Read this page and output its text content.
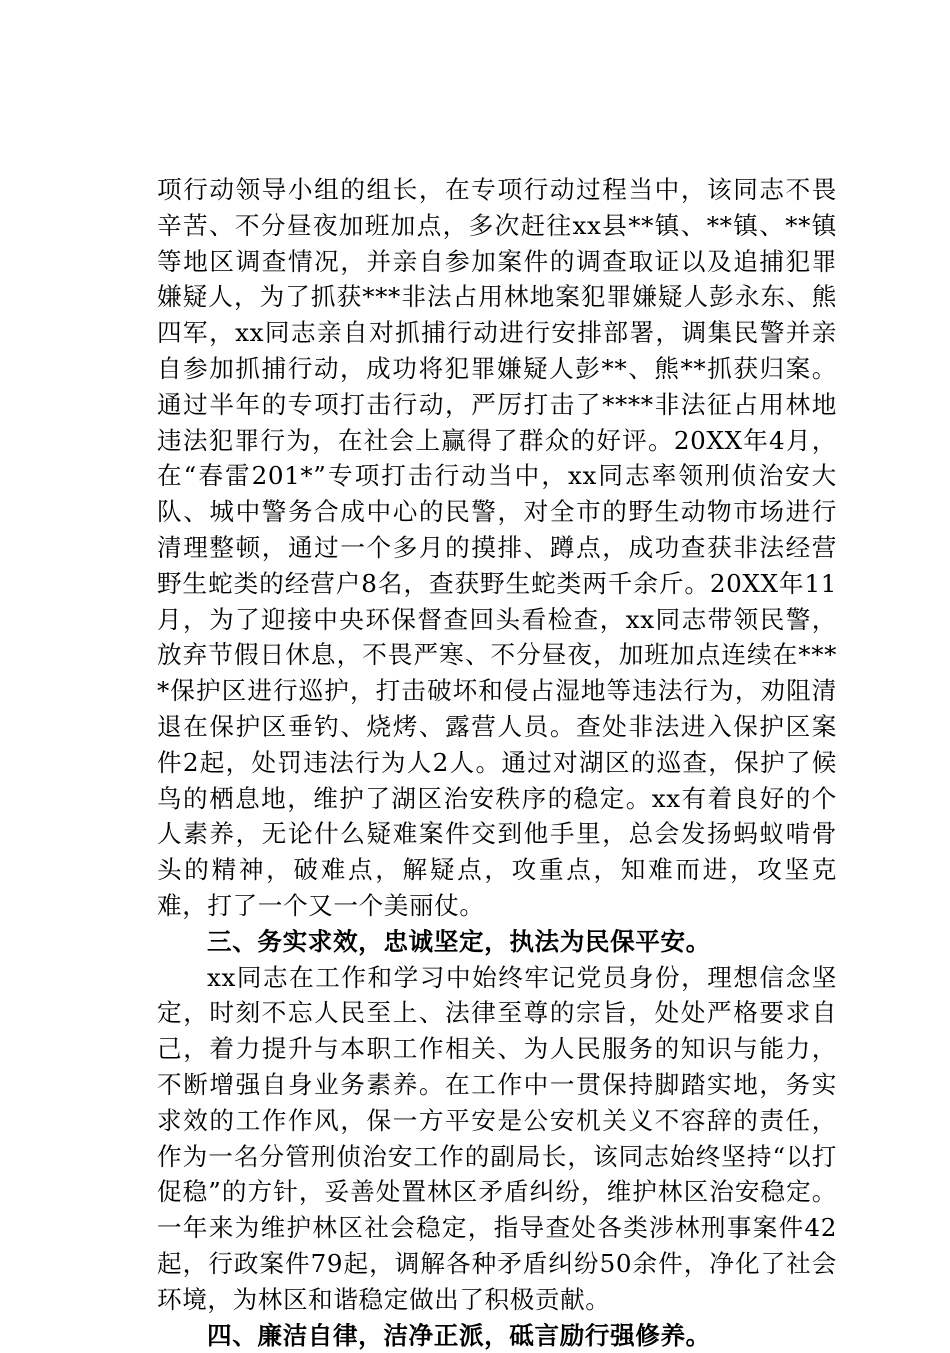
项行动领导小组的组长，在专项行动过程当中，该同志不畏辛苦、不分昼夜加班加点，多次赶往xx县**镇、**镇、**镇等地区调查情况，并亲自参加案件的调查取证以及追捕犯罪嫌疑人，为了抓获***非法占用林地案犯罪嫌疑人彭永东、熊四军，xx同志亲自对抓捕行动进行安排部署，调集民警并亲自参加抓捕行动，成功将犯罪嫌疑人彭**、熊**抓获归案。通过半年的专项打击行动，严厉打击了****非法征占用林地违法犯罪行为，在社会上赢得了群众的好评。20XX年4月，在“春雷201*”专项打击行动当中，xx同志率领刑侦治安大队、城中警务合成中心的民警，对全市的野生动物市场进行清理整顿，通过一个多月的摸排、蹲点，成功查获非法经营野生蛇类的经营户8名，查获野生蛇类两千余斤。20XX年11月，为了迎接中央环保督查回头看检查，xx同志带领民警，放弃节假日休息，不畏严寒、不分昼夜，加班加点连续在****保护区进行巡护，打击破坏和侵占湿地等违法行为，劝阻清退在保护区垂钓、烧烤、露营人员。查处非法进入保护区案件2起，处罚违法行为人2人。通过对湖区的巡查，保护了候鸟的栖息地，维护了湖区治安秩序的稳定。xx有着良好的个人素养，无论什么疑难案件交到他手里，总会发扬蚂蚁啃骨头的精神，破难点，解疑点，攻重点，知难而进，攻坚克难，打了一个又一个美丽仗。

三、务实求效，忠诚坚定，执法为民保平安。

xx同志在工作和学习中始终牢记党员身份，理想信念坚定，时刻不忘人民至上、法律至尊的宗旨，处处严格要求自己，着力提升与本职工作相关、为人民服务的知识与能力，不断增强自身业务素养。在工作中一贯保持脚踏实地，务实求效的工作作风，保一方平安是公安机关义不容辞的责任，作为一名分管刑侦治安工作的副局长，该同志始终坚持“以打促稳”的方针，妥善处置林区矛盾纠纷，维护林区治安稳定。一年来为维护林区社会稳定，指导查处各类涉林刑事案件42起，行政案件79起，调解各种矛盾纠纷50余件，净化了社会环境，为林区和谐稳定做出了积极贡献。

四、廉洁自律，洁净正派，砥言励行强修养。
